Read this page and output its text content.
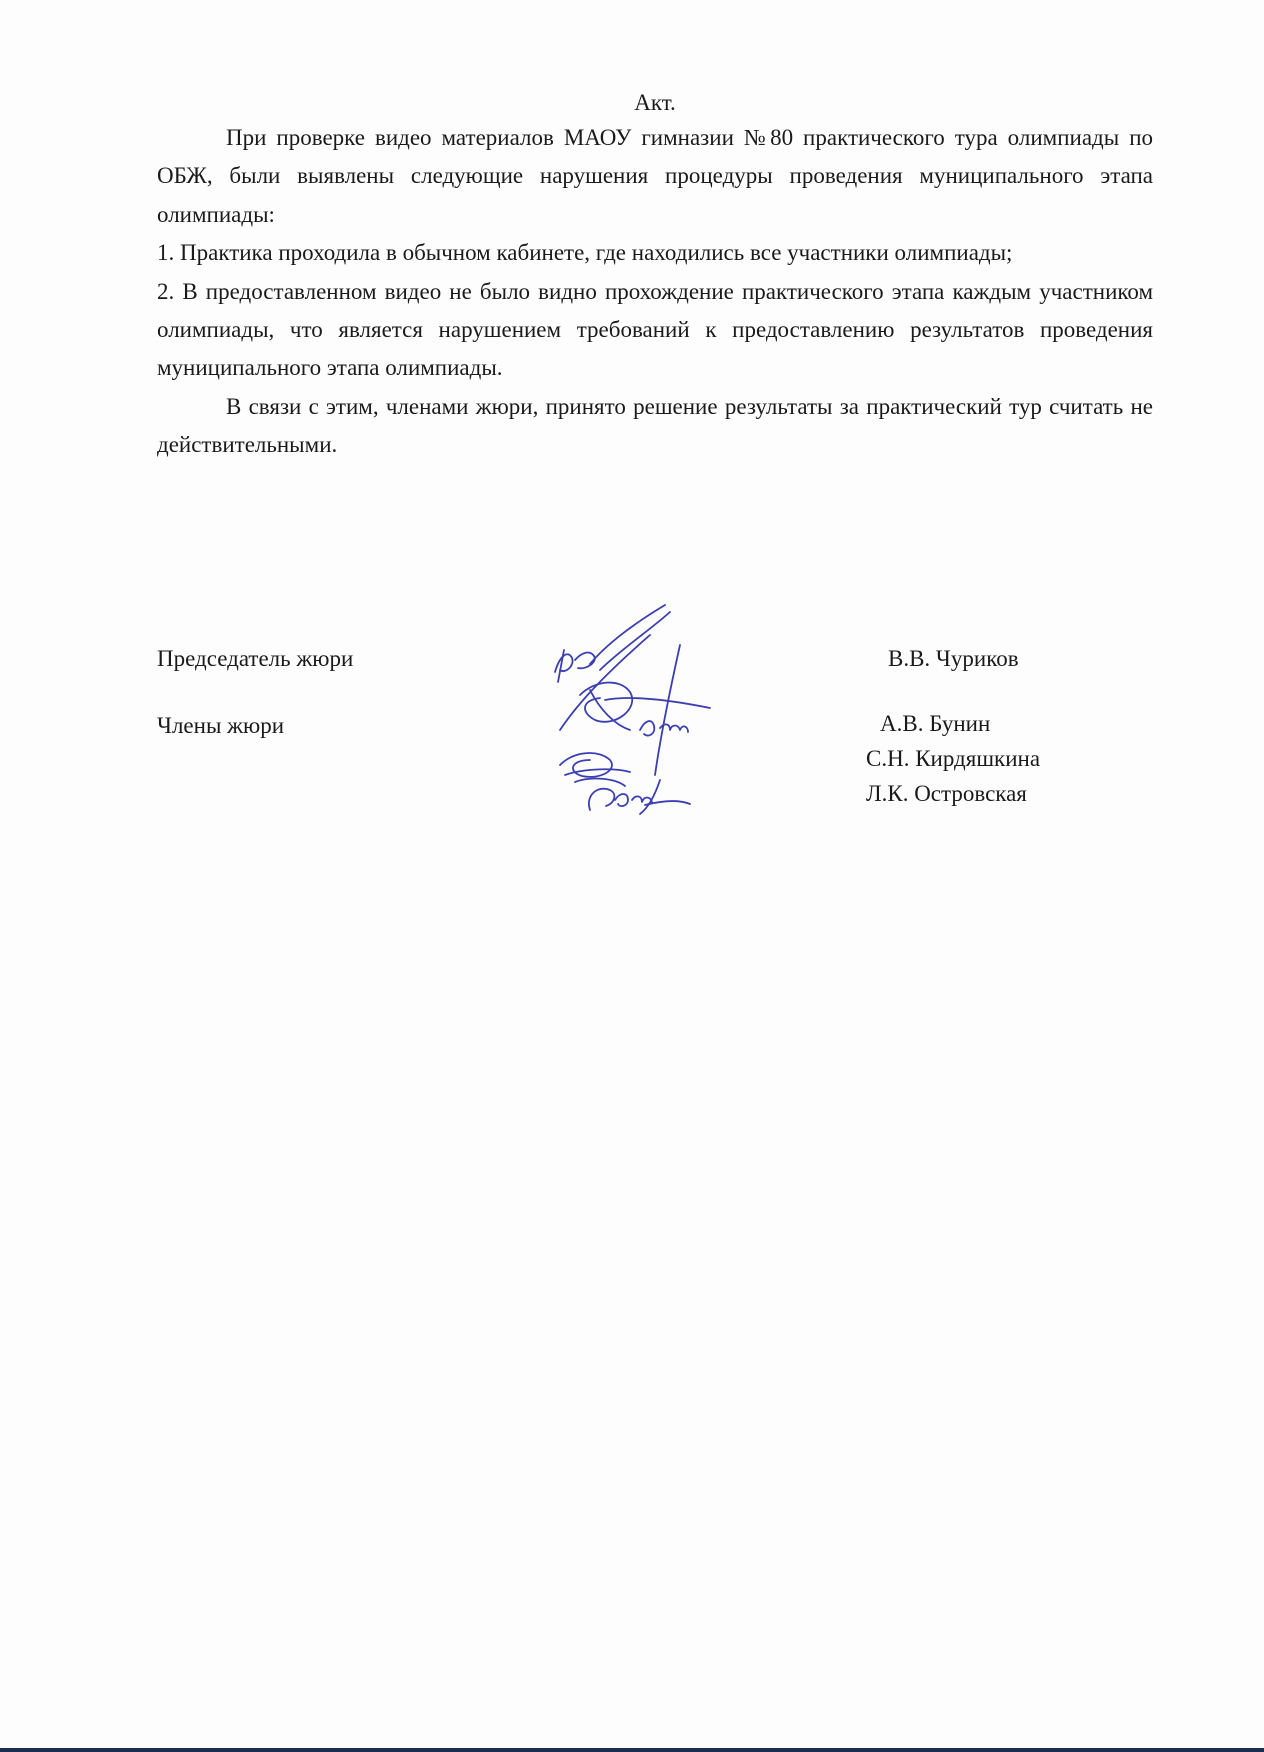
Акт.

При проверке видео материалов МАОУ гимназии №80 практического тура олимпиады по ОБЖ, были выявлены следующие нарушения процедуры проведения муниципального этапа олимпиады:

1. Практика проходила в обычном кабинете, где находились все участники олимпиады;

2. В предоставленном видео не было видно прохождение практического этапа каждым участником олимпиады, что является нарушением требований к предоставлению результатов проведения муниципального этапа олимпиады.

В связи с этим, членами жюри, принято решение результаты за практический тур считать не действительными.

Председатель жюри	В.В. Чуриков
Члены жюри	А.В. Бунин
С.Н. Кирдяшкина
Л.К. Островская
